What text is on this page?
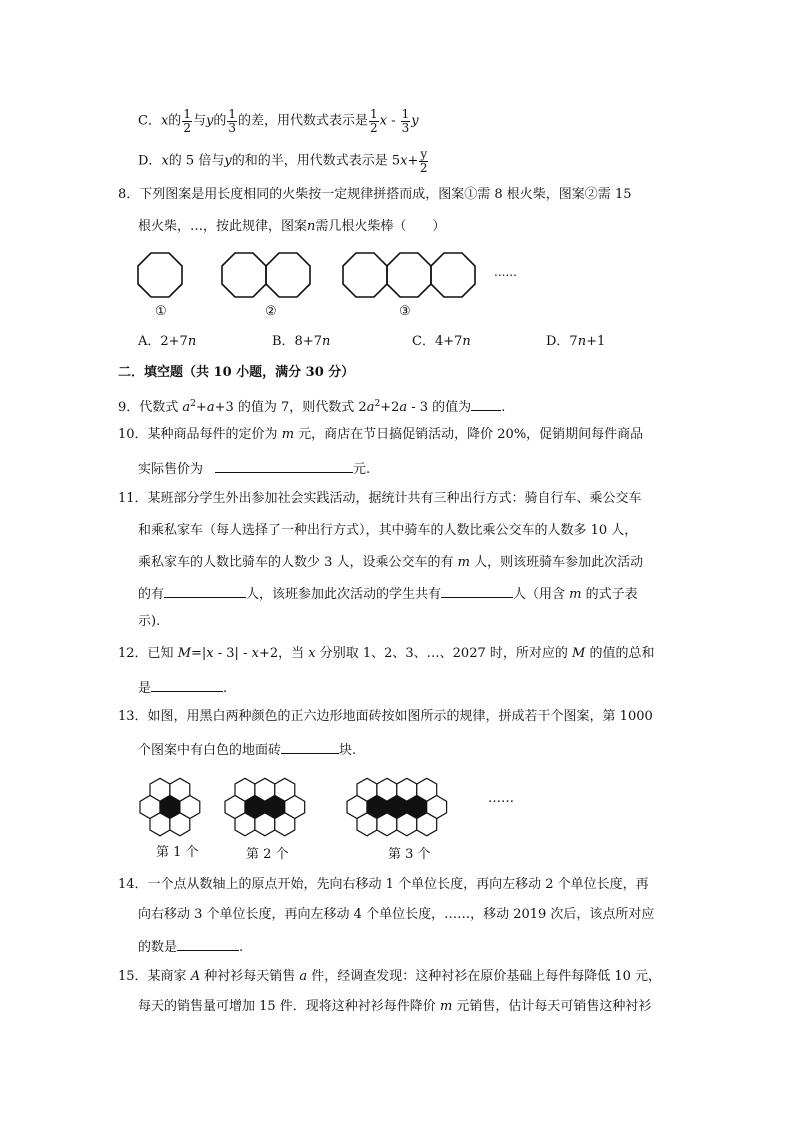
C．x的 $\frac{1}{2}$ 与y的 $\frac{1}{3}$ 的差，用代数式表示是 $\frac{1}{2}$ x - $\frac{1}{3}$ y
D．x的 5 倍与y的和的半，用代数式表示是 $5x+ \frac{y}{2}$
8．下列图案是用长度相同的火柴按一定规律拼搭而成，图案①需 8 根火柴，图案②需 15
根火柴，…，按此规律，图案n需几根火柴棒（　　）
......
①	②	③
A．2+7n	B．8+7n	C．4+7n	D．7n+1
二．填空题（共 10 小题，满分 30 分）
9．代数式 $a^2+a+3$ 的值为 7，则代数式 $2a^2+2a - 3$ 的值为 .
10．某种商品每件的定价为 m 元，商店在节日搞促销活动，降价 20%，促销期间每件商品
实际售价为	元.
11．某班部分学生外出参加社会实践活动，据统计共有三种出行方式：骑自行车、乘公交车
和乘私家车（每人选择了一种出行方式），其中骑车的人数比乘公交车的人数多 10 人，
乘私家车的人数比骑车的人数少 3 人，设乘公交车的有 m 人，则该班骑车参加此次活动
的有	人，该班参加此次活动的学生共有	人（用含 m 的式子表
示).
12．已知 M=|x - 3| - x+2，当 x 分别取 1、2、3、…、2027 时，所对应的 M 的值的总和
是	.
13．如图，用黑白两种颜色的正六边形地面砖按如图所示的规律，拼成若干个图案，第 1000
个图案中有白色的地面砖	块.
……
第 1 个	第 2 个	第 3 个
14．一个点从数轴上的原点开始，先向右移动 1 个单位长度，再向左移动 2 个单位长度，再
向右移动 3 个单位长度，再向左移动 4 个单位长度，……，移动 2019 次后，该点所对应
的数是	.
15．某商家 A 种衬衫每天销售 a 件，经调查发现：这种衬衫在原价基础上每件每降低 10 元，
每天的销售量可增加 15 件．现将这种衬衫每件降价 m 元销售，估计每天可销售这种衬衫
